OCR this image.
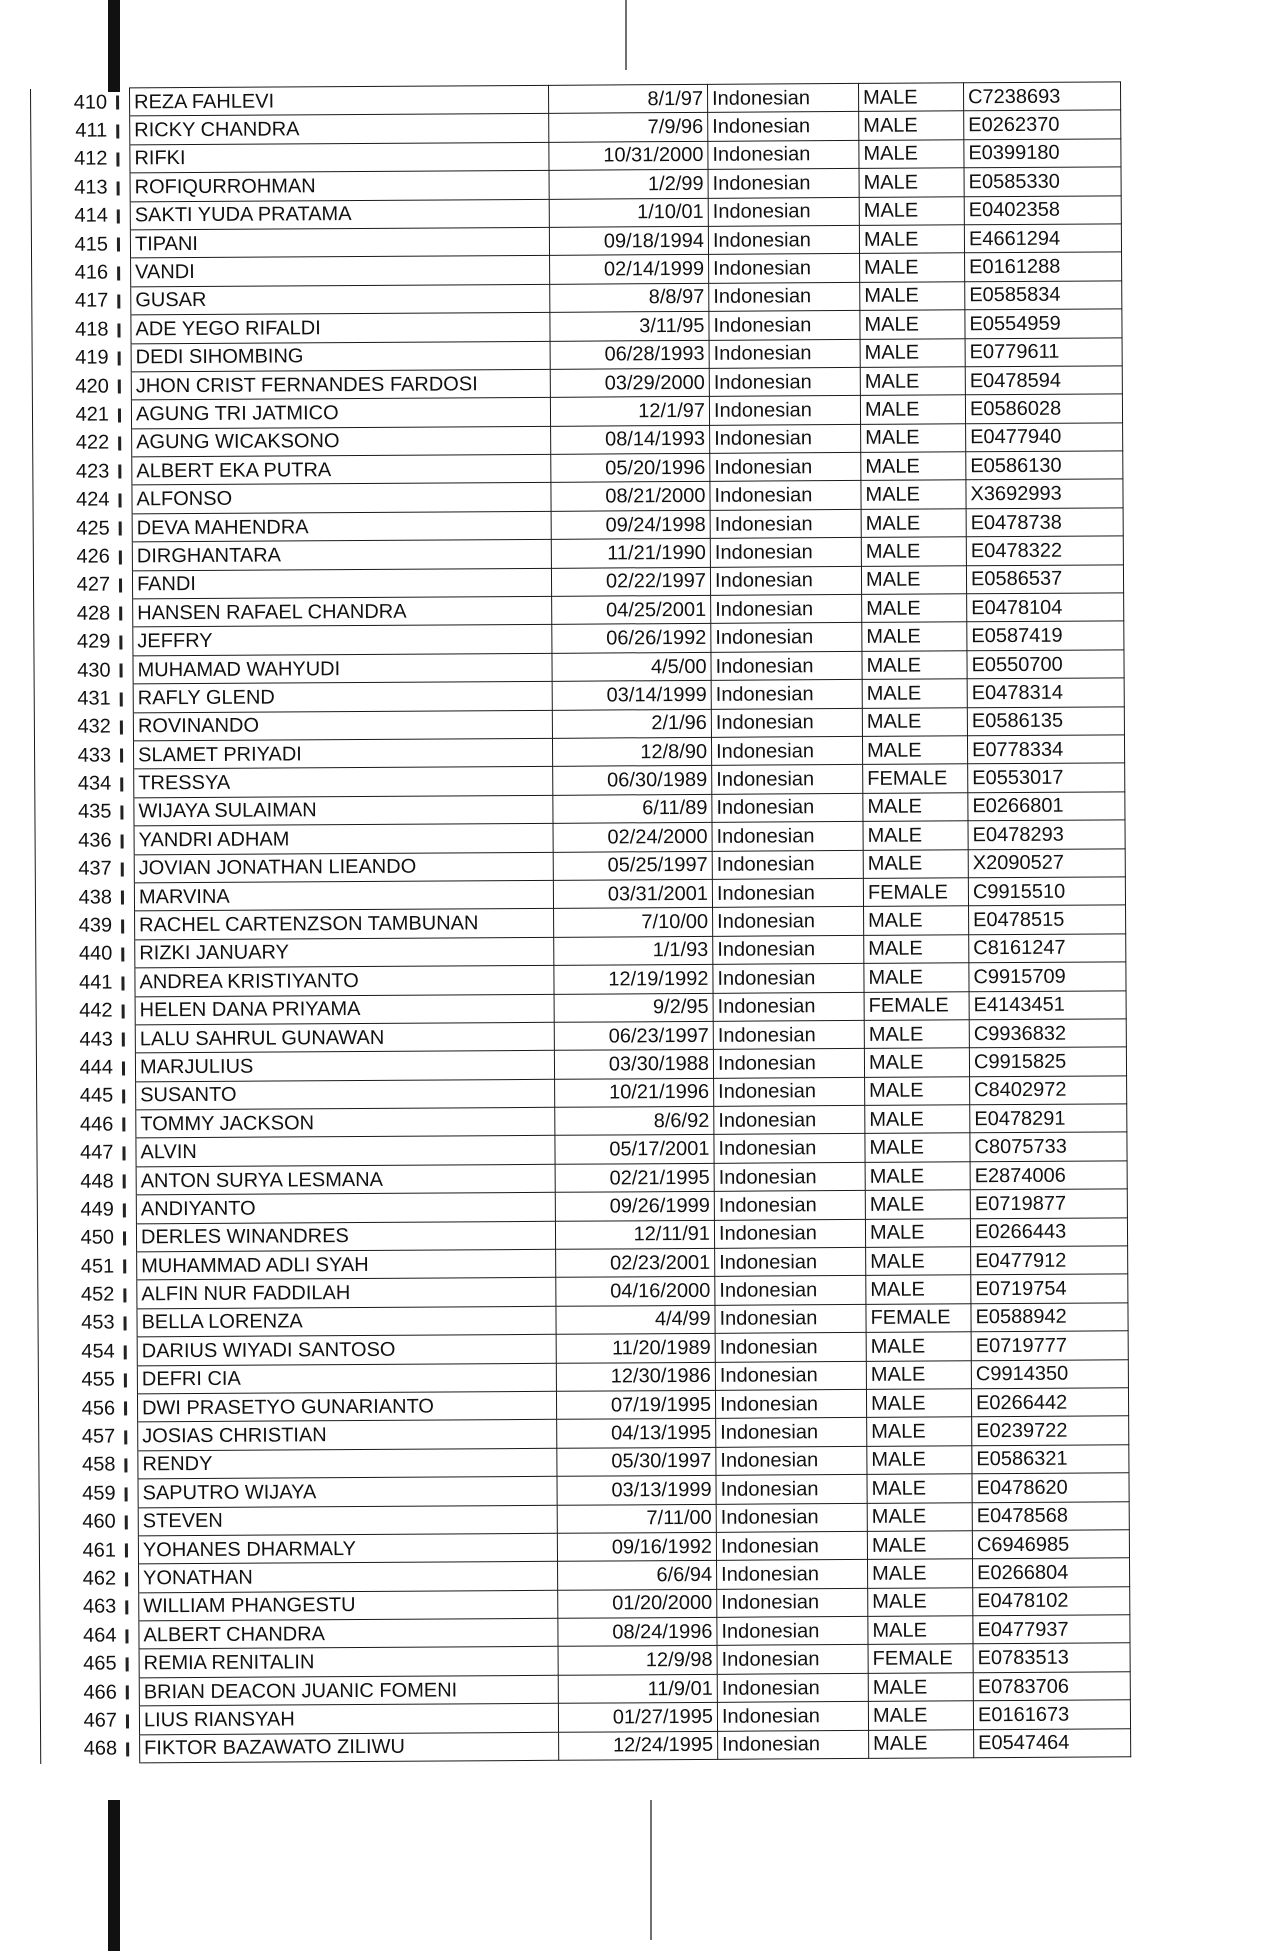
410		REZA FAHLEVI	8/1/97	Indonesian	MALE	C7238693
411		RICKY CHANDRA	7/9/96	Indonesian	MALE	E0262370
412		RIFKI	10/31/2000	Indonesian	MALE	E0399180
413		ROFIQURROHMAN	1/2/99	Indonesian	MALE	E0585330
414		SAKTI YUDA PRATAMA	1/10/01	Indonesian	MALE	E0402358
415		TIPANI	09/18/1994	Indonesian	MALE	E4661294
416		VANDI	02/14/1999	Indonesian	MALE	E0161288
417		GUSAR	8/8/97	Indonesian	MALE	E0585834
418		ADE YEGO RIFALDI	3/11/95	Indonesian	MALE	E0554959
419		DEDI SIHOMBING	06/28/1993	Indonesian	MALE	E0779611
420		JHON CRIST FERNANDES FARDOSI	03/29/2000	Indonesian	MALE	E0478594
421		AGUNG TRI JATMICO	12/1/97	Indonesian	MALE	E0586028
422		AGUNG WICAKSONO	08/14/1993	Indonesian	MALE	E0477940
423		ALBERT EKA PUTRA	05/20/1996	Indonesian	MALE	E0586130
424		ALFONSO	08/21/2000	Indonesian	MALE	X3692993
425		DEVA MAHENDRA	09/24/1998	Indonesian	MALE	E0478738
426		DIRGHANTARA	11/21/1990	Indonesian	MALE	E0478322
427		FANDI	02/22/1997	Indonesian	MALE	E0586537
428		HANSEN RAFAEL CHANDRA	04/25/2001	Indonesian	MALE	E0478104
429		JEFFRY	06/26/1992	Indonesian	MALE	E0587419
430		MUHAMAD WAHYUDI	4/5/00	Indonesian	MALE	E0550700
431		RAFLY GLEND	03/14/1999	Indonesian	MALE	E0478314
432		ROVINANDO	2/1/96	Indonesian	MALE	E0586135
433		SLAMET PRIYADI	12/8/90	Indonesian	MALE	E0778334
434		TRESSYA	06/30/1989	Indonesian	FEMALE	E0553017
435		WIJAYA SULAIMAN	6/11/89	Indonesian	MALE	E0266801
436		YANDRI ADHAM	02/24/2000	Indonesian	MALE	E0478293
437		JOVIAN JONATHAN LIEANDO	05/25/1997	Indonesian	MALE	X2090527
438		MARVINA	03/31/2001	Indonesian	FEMALE	C9915510
439		RACHEL CARTENZSON TAMBUNAN	7/10/00	Indonesian	MALE	E0478515
440		RIZKI JANUARY	1/1/93	Indonesian	MALE	C8161247
441		ANDREA KRISTIYANTO	12/19/1992	Indonesian	MALE	C9915709
442		HELEN DANA PRIYAMA	9/2/95	Indonesian	FEMALE	E4143451
443		LALU SAHRUL GUNAWAN	06/23/1997	Indonesian	MALE	C9936832
444		MARJULIUS	03/30/1988	Indonesian	MALE	C9915825
445		SUSANTO	10/21/1996	Indonesian	MALE	C8402972
446		TOMMY JACKSON	8/6/92	Indonesian	MALE	E0478291
447		ALVIN	05/17/2001	Indonesian	MALE	C8075733
448		ANTON SURYA LESMANA	02/21/1995	Indonesian	MALE	E2874006
449		ANDIYANTO	09/26/1999	Indonesian	MALE	E0719877
450		DERLES WINANDRES	12/11/91	Indonesian	MALE	E0266443
451		MUHAMMAD ADLI SYAH	02/23/2001	Indonesian	MALE	E0477912
452		ALFIN NUR FADDILAH	04/16/2000	Indonesian	MALE	E0719754
453		BELLA LORENZA	4/4/99	Indonesian	FEMALE	E0588942
454		DARIUS WIYADI SANTOSO	11/20/1989	Indonesian	MALE	E0719777
455		DEFRI CIA	12/30/1986	Indonesian	MALE	C9914350
456		DWI PRASETYO GUNARIANTO	07/19/1995	Indonesian	MALE	E0266442
457		JOSIAS CHRISTIAN	04/13/1995	Indonesian	MALE	E0239722
458		RENDY	05/30/1997	Indonesian	MALE	E0586321
459		SAPUTRO WIJAYA	03/13/1999	Indonesian	MALE	E0478620
460		STEVEN	7/11/00	Indonesian	MALE	E0478568
461		YOHANES DHARMALY	09/16/1992	Indonesian	MALE	C6946985
462		YONATHAN	6/6/94	Indonesian	MALE	E0266804
463		WILLIAM PHANGESTU	01/20/2000	Indonesian	MALE	E0478102
464		ALBERT CHANDRA	08/24/1996	Indonesian	MALE	E0477937
465		REMIA RENITALIN	12/9/98	Indonesian	FEMALE	E0783513
466		BRIAN DEACON JUANIC FOMENI	11/9/01	Indonesian	MALE	E0783706
467		LIUS RIANSYAH	01/27/1995	Indonesian	MALE	E0161673
468		FIKTOR BAZAWATO ZILIWU	12/24/1995	Indonesian	MALE	E0547464
